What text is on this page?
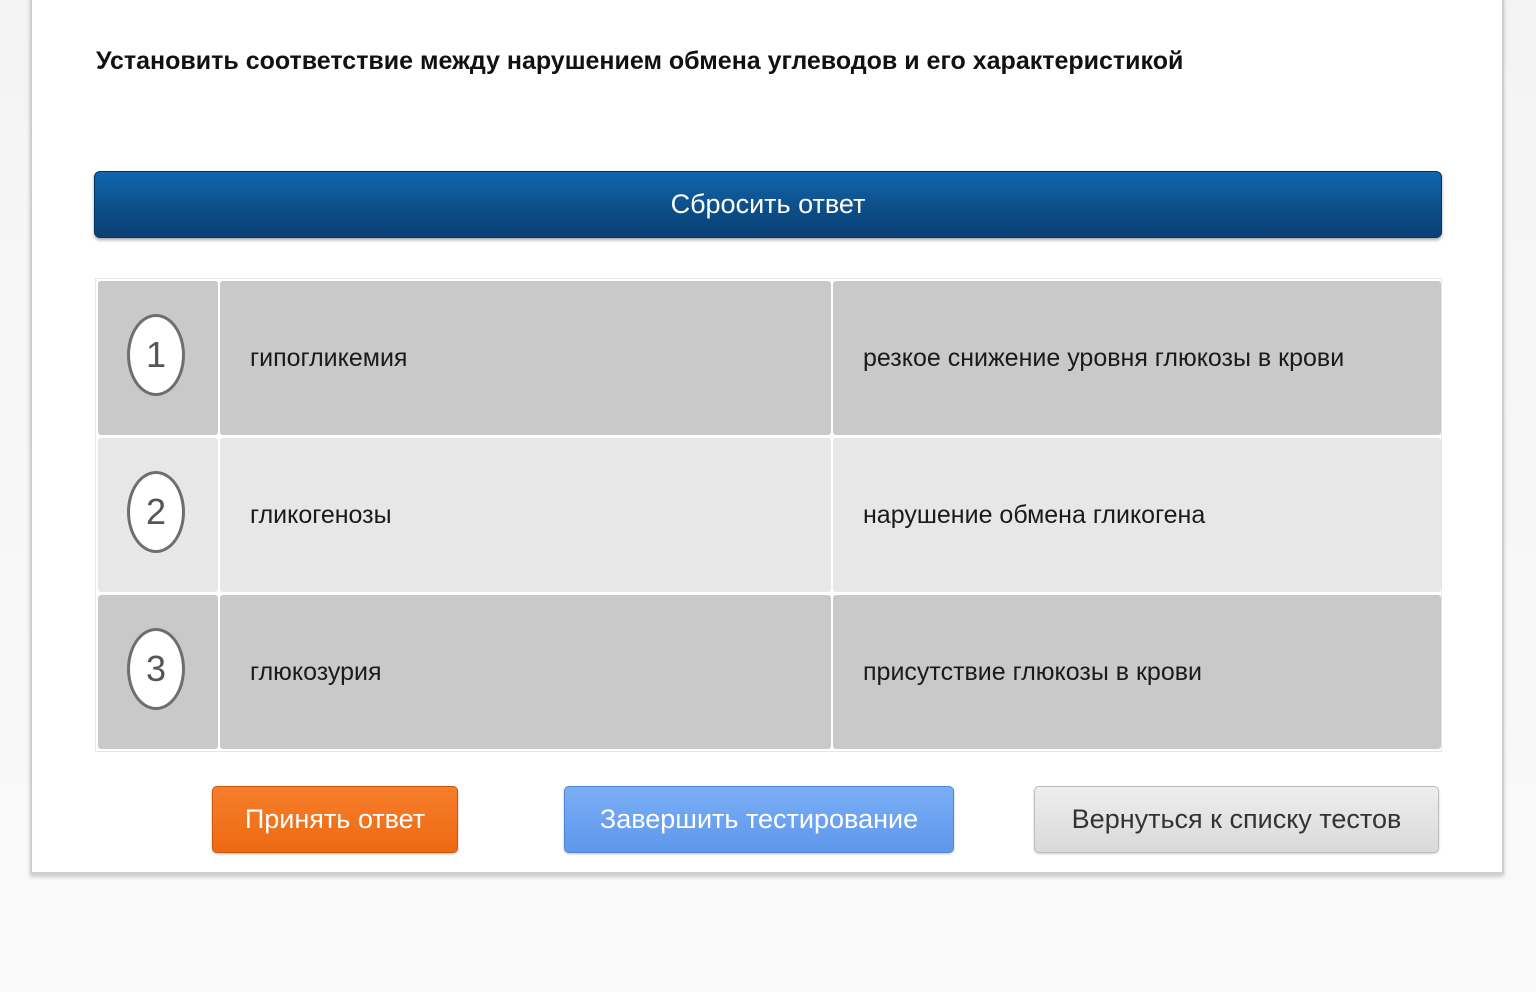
Установить соответствие между нарушением обмена углеводов и его характеристикой
Сбросить ответ
1	гипогликемия	резкое снижение уровня глюкозы в крови
2	гликогенозы	нарушение обмена гликогена
3	глюкозурия	присутствие глюкозы в крови
Принять ответ	Завершить тестирование	Вернуться к списку тестов
